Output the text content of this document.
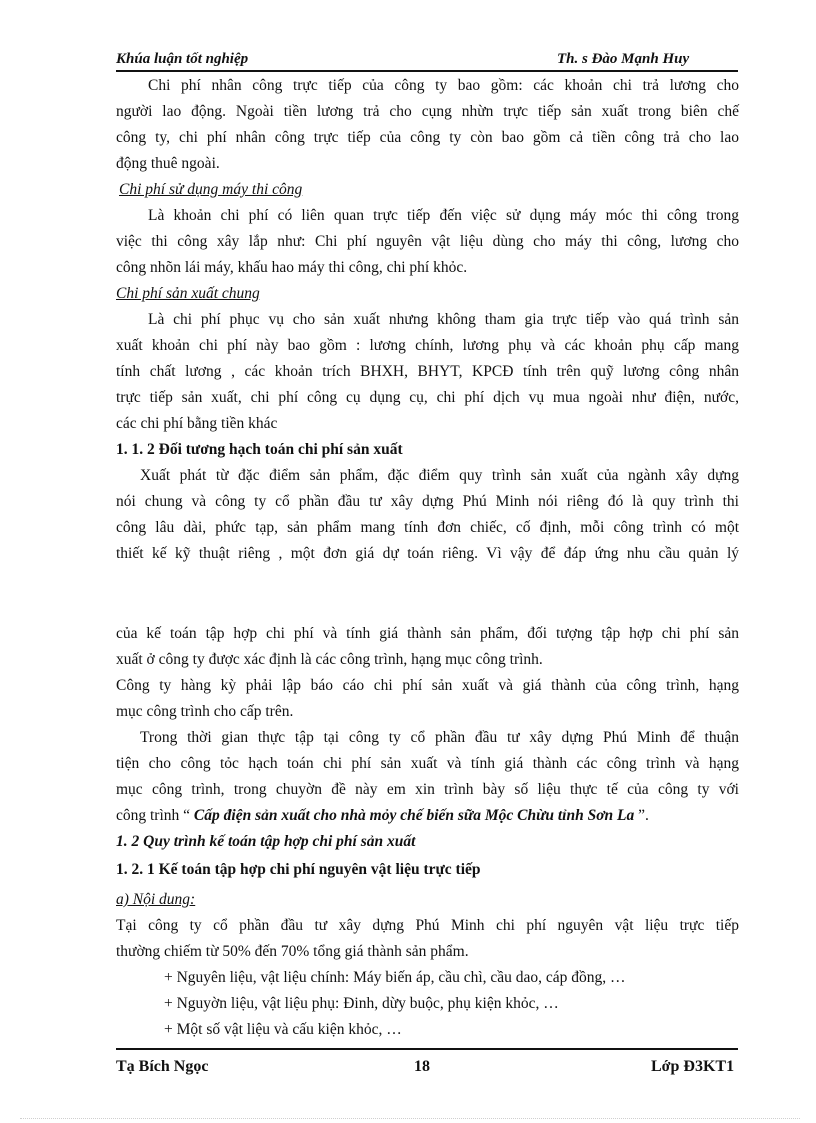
Khúa luận tốt nghiệp	Th. s Đào Mạnh Huy
Chi phí nhân công trực tiếp của công ty bao gồm: các khoản chi trả lương cho
người lao động. Ngoài tiền lương trả cho cụng nhừn trực tiếp sản xuất trong biên chế
công ty, chi phí nhân công trực tiếp của công ty còn bao gồm cả tiền công trả cho lao
động thuê ngoài.
Chi phí sử dụng máy thi công
Là khoản chi phí có liên quan trực tiếp đến việc sử dụng máy móc thi công trong
việc thi công xây lắp như: Chi phí nguyên vật liệu dùng cho máy thi công, lương cho
công nhõn lái máy, khấu hao máy thi công, chi phí khỏc.
Chi phí sản xuất chung
Là chi phí phục vụ cho sản xuất nhưng không tham gia trực tiếp vào quá trình sản
xuất khoản chi phí này bao gồm : lương chính, lương phụ và các khoản phụ cấp mang
tính chất lương , các khoản trích BHXH, BHYT, KPCĐ tính trên quỹ lương công nhân
trực tiếp sản xuất, chi phí công cụ dụng cụ, chi phí dịch vụ mua ngoài như điện, nước,
các chi phí bằng tiền khác
1. 1. 2 Đối tương hạch toán chi phí sản xuất
Xuất phát từ đặc điểm sản phẩm, đặc điểm quy trình sản xuất của ngành xây dựng
nói chung và công ty cổ phần đầu tư xây dựng Phú Minh nói riêng đó là quy trình thi
công lâu dài, phức tạp, sản phẩm mang tính đơn chiếc, cố định, mỗi công trình có một
thiết kế kỹ thuật riêng , một đơn giá dự toán riêng. Vì vậy để đáp ứng nhu cầu quản lý
của kế toán tập hợp chi phí và tính giá thành sản phẩm, đối tượng tập hợp chi phí sản
xuất ở công ty được xác định là các công trình, hạng mục công trình.
Công ty hàng kỳ phải lập báo cáo chi phí sản xuất và giá thành của công trình, hạng
mục công trình cho cấp trên.
Trong thời gian thực tập tại công ty cổ phần đầu tư xây dựng Phú Minh để thuận
tiện cho công tỏc hạch toán chi phí sản xuất và tính giá thành các công trình và hạng
mục công trình, trong chuyờn đề này em xin trình bày số liệu thực tế của công ty với
công trình “ Cấp điện sản xuất cho nhà mỏy chế biến sữa Mộc Chừu tỉnh Sơn La ”.
1. 2 Quy trình kế toán tập hợp chi phí sản xuất
1. 2. 1 Kế toán tập hợp chi phí nguyên vật liệu trực tiếp
a) Nội dung:
Tại công ty cổ phần đầu tư xây dựng Phú Minh chi phí nguyên vật liệu trực tiếp
thường chiếm từ 50% đến 70% tổng giá thành sản phẩm.
+ Nguyên liệu, vật liệu chính: Máy biến áp, cầu chì, cầu dao, cáp đồng, …
+ Nguyờn liệu, vật liệu phụ: Đinh, dừy buộc, phụ kiện khỏc, …
+ Một số vật liệu và cấu kiện khỏc, …
Tạ Bích Ngọc	18	Lớp Đ3KT1
